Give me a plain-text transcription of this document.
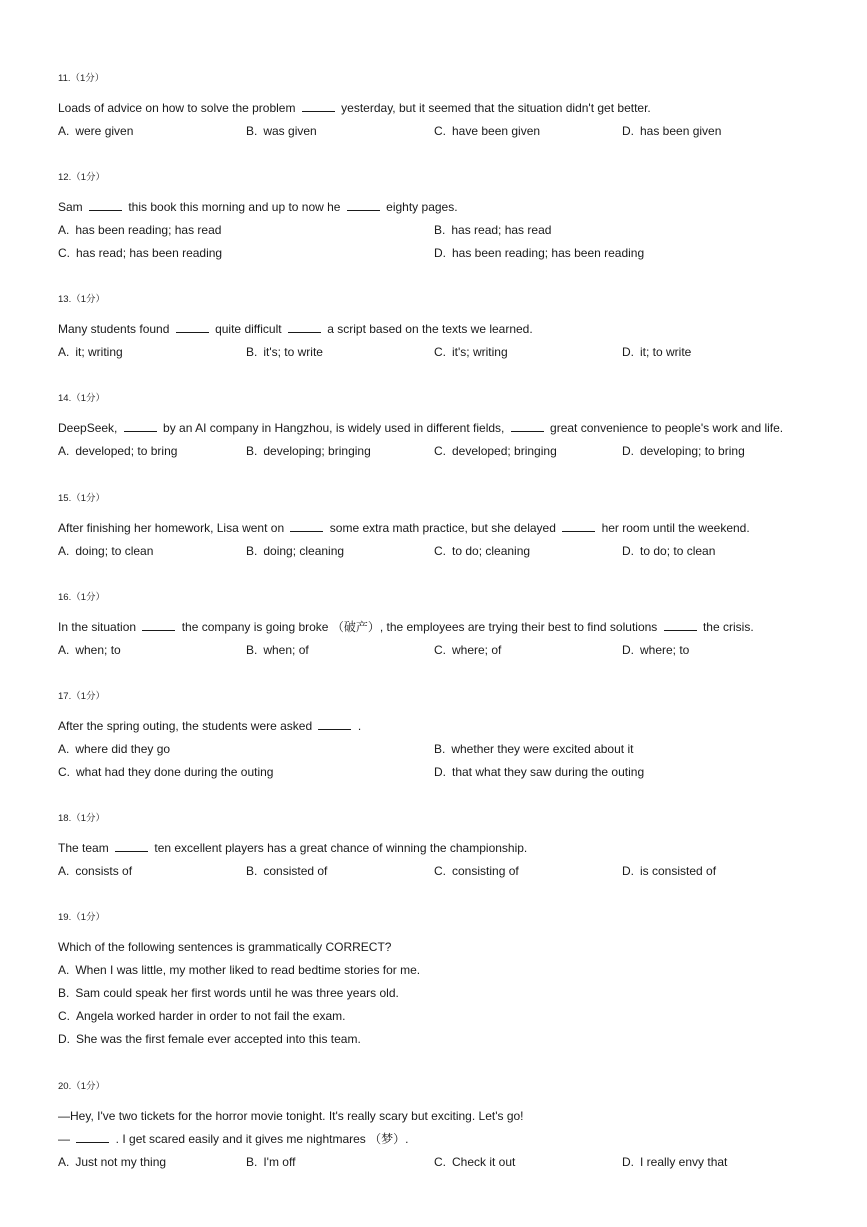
11.（1分）
Loads of advice on how to solve the problem	yesterday, but it seemed that the situation didn't get better.
A. were given	B. was given	C. have been given	D. has been given
12.（1分）
Sam	this book this morning and up to now he	eighty pages.
A. has been reading; has read	B. has read; has read
C. has read; has been reading	D. has been reading; has been reading
13.（1分）
Many students found	quite difficult	a script based on the texts we learned.
A. it; writing	B. it's; to write	C. it's; writing	D. it; to write
14.（1分）
DeepSeek,	by an AI company in Hangzhou, is widely used in different fields,	great convenience to people's work and life.
A. developed; to bring	B. developing; bringing	C. developed; bringing	D. developing; to bring
15.（1分）
After finishing her homework, Lisa went on	some extra math practice, but she delayed	her room until the weekend.
A. doing; to clean	B. doing; cleaning	C. to do; cleaning	D. to do; to clean
16.（1分）
In the situation	the company is going broke （破产）, the employees are trying their best to find solutions	the crisis.
A. when; to	B. when; of	C. where; of	D. where; to
17.（1分）
After the spring outing, the students were asked	.
A. where did they go	B. whether they were excited about it
C. what had they done during the outing	D. that what they saw during the outing
18.（1分）
The team	ten excellent players has a great chance of winning the championship.
A. consists of	B. consisted of	C. consisting of	D. is consisted of
19.（1分）
Which of the following sentences is grammatically CORRECT?
A. When I was little, my mother liked to read bedtime stories for me.
B. Sam could speak her first words until he was three years old.
C. Angela worked harder in order to not fail the exam.
D. She was the first female ever accepted into this team.
20.（1分）
—Hey, I've two tickets for the horror movie tonight. It's really scary but exciting. Let's go!
—	. I get scared easily and it gives me nightmares （梦）.
A. Just not my thing	B. I'm off	C. Check it out	D. I really envy that
